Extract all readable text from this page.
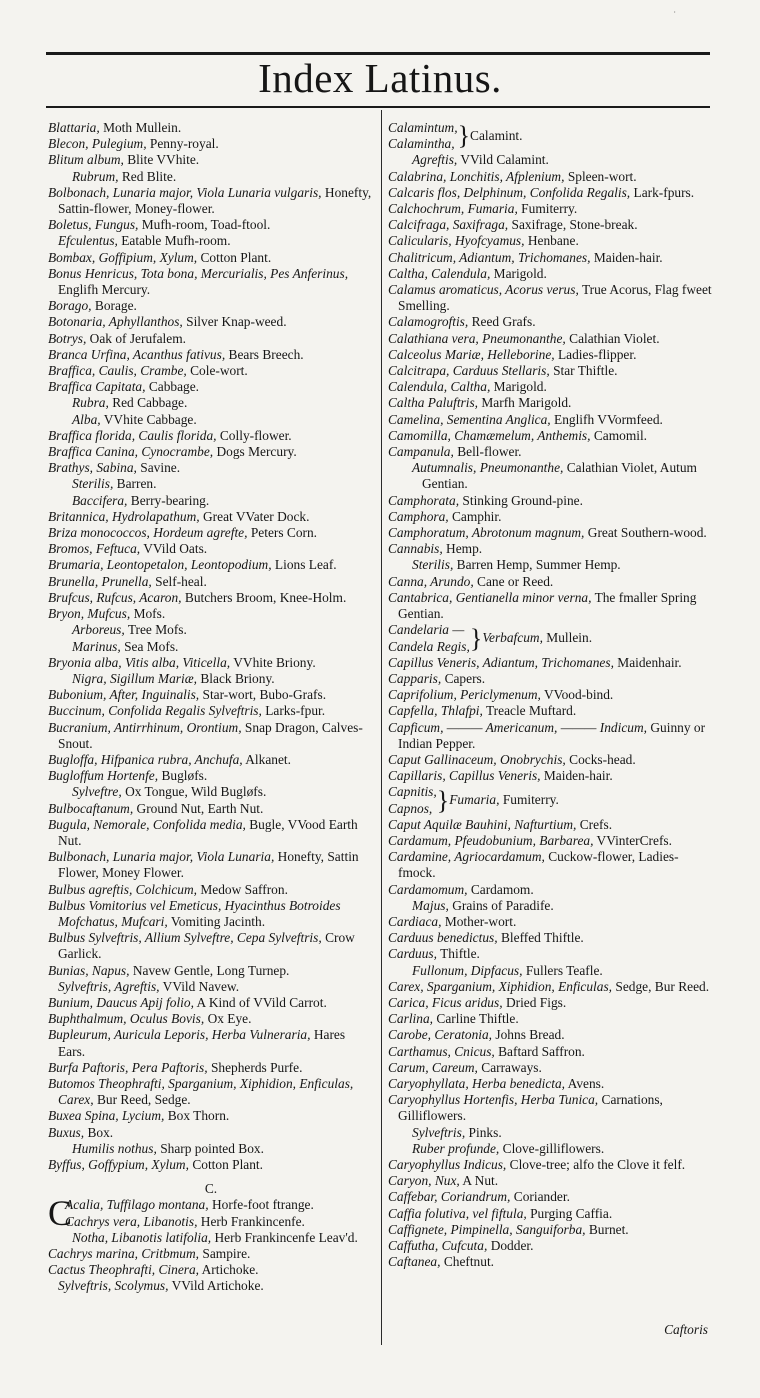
·
Index Latinus.

Blattaria, Moth Mullein.

Blecon, Pulegium, Penny-royal.

Blitum album, Blite VVhite.

Rubrum, Red Blite.

Bolbonach, Lunaria major, Viola Lunaria vulgaris, Honefty, Sattin-flower, Money-flower.

Boletus, Fungus, Mufh-room, Toad-ftool.

Efculentus, Eatable Mufh-room.

Bombax, Goffipium, Xylum, Cotton Plant.

Bonus Henricus, Tota bona, Mercurialis, Pes Anferinus, Englifh Mercury.

Borago, Borage.

Botonaria, Aphyllanthos, Silver Knap-weed.

Botrys, Oak of Jerufalem.

Branca Urfina, Acanthus fativus, Bears Breech.

Braffica, Caulis, Crambe, Cole-wort.

Braffica Capitata, Cabbage.

Rubra, Red Cabbage.

Alba, VVhite Cabbage.

Braffica florida, Caulis florida, Colly-flower.

Braffica Canina, Cynocrambe, Dogs Mercury.

Brathys, Sabina, Savine.

Sterilis, Barren.

Baccifera, Berry-bearing.

Britannica, Hydrolapathum, Great VVater Dock.

Briza monococcos, Hordeum agrefte, Peters Corn.

Bromos, Feftuca, VVild Oats.

Brumaria, Leontopetalon, Leontopodium, Lions Leaf.

Brunella, Prunella, Self-heal.

Brufcus, Rufcus, Acaron, Butchers Broom, Knee-Holm.

Bryon, Mufcus, Mofs.

Arboreus, Tree Mofs.

Marinus, Sea Mofs.

Bryonia alba, Vitis alba, Viticella, VVhite Briony.

Nigra, Sigillum Mariæ, Black Briony.

Bubonium, After, Inguinalis, Star-wort, Bubo-Grafs.

Buccinum, Confolida Regalis Sylveftris, Larks-fpur.

Bucranium, Antirrhinum, Orontium, Snap Dragon, Calves-Snout.

Bugloffa, Hifpanica rubra, Anchufa, Alkanet.

Bugloffum Hortenfe, Bugløfs.

Sylveftre, Ox Tongue, Wild Bugløfs.

Bulbocaftanum, Ground Nut, Earth Nut.

Bugula, Nemorale, Confolida media, Bugle, VVood Earth Nut.

Bulbonach, Lunaria major, Viola Lunaria, Honefty, Sattin Flower, Money Flower.

Bulbus agreftis, Colchicum, Medow Saffron.

Bulbus Vomitorius vel Emeticus, Hyacinthus Botroides Mofchatus, Mufcari, Vomiting Jacinth.

Bulbus Sylveftris, Allium Sylveftre, Cepa Sylveftris, Crow Garlick.

Bunias, Napus, Navew Gentle, Long Turnep.

Sylveftris, Agreftis, VVild Navew.

Bunium, Daucus Apij folio, A Kind of VVild Carrot.

Buphthalmum, Oculus Bovis, Ox Eye.

Bupleurum, Auricula Leporis, Herba Vulneraria, Hares Ears.

Burfa Paftoris, Pera Paftoris, Shepherds Purfe.

Butomos Theophrafti, Sparganium, Xiphidion, Enficulas, Carex, Bur Reed, Sedge.

Buxea Spina, Lycium, Box Thorn.

Buxus, Box.

Humilis nothus, Sharp pointed Box.

Byffus, Goffypium, Xylum, Cotton Plant.

C.

C
Acalia, Tuffilago montana, Horfe-foot ftrange.

Cachrys vera, Libanotis, Herb Frankincenfe.

Notha, Libanotis latifolia, Herb Frankincenfe Leav'd.

Cachrys marina, Critbmum, Sampire.

Cactus Theophrafti, Cinera, Artichoke.

Sylveftris, Scolymus, VVild Artichoke.

Calamintum,
Calamintha, } Calamint.

Agreftis, VVild Calamint.

Calabrina, Lonchitis, Afplenium, Spleen-wort.

Calcaris flos, Delphinum, Confolida Regalis, Lark-fpurs.

Calchochrum, Fumaria, Fumiterry.

Calcifraga, Saxifraga, Saxifrage, Stone-break.

Calicularis, Hyofcyamus, Henbane.

Chalitricum, Adiantum, Trichomanes, Maiden-hair.

Caltha, Calendula, Marigold.

Calamus aromaticus, Acorus verus, True Acorus, Flag fweet Smelling.

Calamogroftis, Reed Grafs.

Calathiana vera, Pneumonanthe, Calathian Violet.

Calceolus Mariæ, Helleborine, Ladies-flipper.

Calcitrapa, Carduus Stellaris, Star Thiftle.

Calendula, Caltha, Marigold.

Caltha Paluftris, Marfh Marigold.

Camelina, Sementina Anglica, Englifh VVormfeed.

Camomilla, Chamæmelum, Anthemis, Camomil.

Campanula, Bell-flower.

Autumnalis, Pneumonanthe, Calathian Violet, Autum Gentian.

Camphorata, Stinking Ground-pine.

Camphora, Camphir.

Camphoratum, Abrotonum magnum, Great Southern-wood.

Cannabis, Hemp.

Sterilis, Barren Hemp, Summer Hemp.

Canna, Arundo, Cane or Reed.

Cantabrica, Gentianella minor verna, The fmaller Spring Gentian.

Candelaria —
Candela Regis, } Verbafcum,
Mullein.

Capillus Veneris, Adiantum, Trichomanes, Maidenhair.

Capparis, Capers.

Caprifolium, Periclymenum, VVood-bind.

Capfella, Thlafpi, Treacle Muftard.

Capficum, ——— Americanum, ——— Indicum, Guinny or Indian Pepper.

Caput Gallinaceum, Onobrychis, Cocks-head.

Capillaris, Capillus Veneris, Maiden-hair.

Capnitis,
Capnos, } Fumaria,
Fumiterry.

Caput Aquilæ Bauhini, Nafturtium, Crefs.

Cardamum, Pfeudobunium, Barbarea, VVinterCrefs.

Cardamine, Agriocardamum, Cuckow-flower, Ladies-fmock.

Cardamomum, Cardamom.

Majus, Grains of Paradife.

Cardiaca, Mother-wort.

Carduus benedictus, Bleffed Thiftle.

Carduus, Thiftle.

Fullonum, Dipfacus, Fullers Teafle.

Carex, Sparganium, Xiphidion, Enficulas, Sedge, Bur Reed.

Carica, Ficus aridus, Dried Figs.

Carlina, Carline Thiftle.

Carobe, Ceratonia, Johns Bread.

Carthamus, Cnicus, Baftard Saffron.

Carum, Careum, Carraways.

Caryophyllata, Herba benedicta, Avens.

Caryophyllus Hortenfis, Herba Tunica, Carnations, Gilliflowers.

Sylveftris, Pinks.

Ruber profunde, Clove-gilliflowers.

Caryophyllus Indicus, Clove-tree; alfo the Clove it felf.

Caryon, Nux, A Nut.

Caffebar, Coriandrum, Coriander.

Caffia folutiva, vel fiftula, Purging Caffia.

Caffignete, Pimpinella, Sanguiforba, Burnet.

Caffutha, Cufcuta, Dodder.

Caftanea, Cheftnut.

Caftoris
